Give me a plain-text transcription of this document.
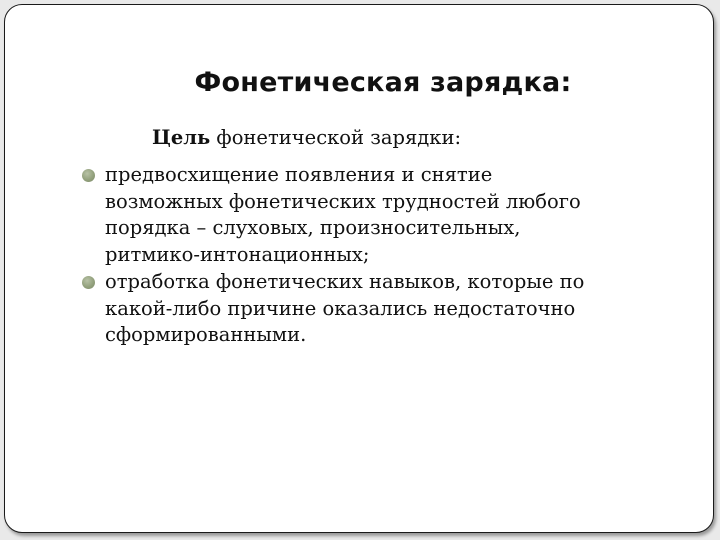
Фонетическая зарядка:
Цель фонетической зарядки:
предвосхищение появления и снятие
возможных фонетических трудностей любого
порядка – слуховых, произносительных,
ритмико-интонационных;
отработка фонетических навыков, которые по
какой-либо причине оказались недостаточно
сформированными.
